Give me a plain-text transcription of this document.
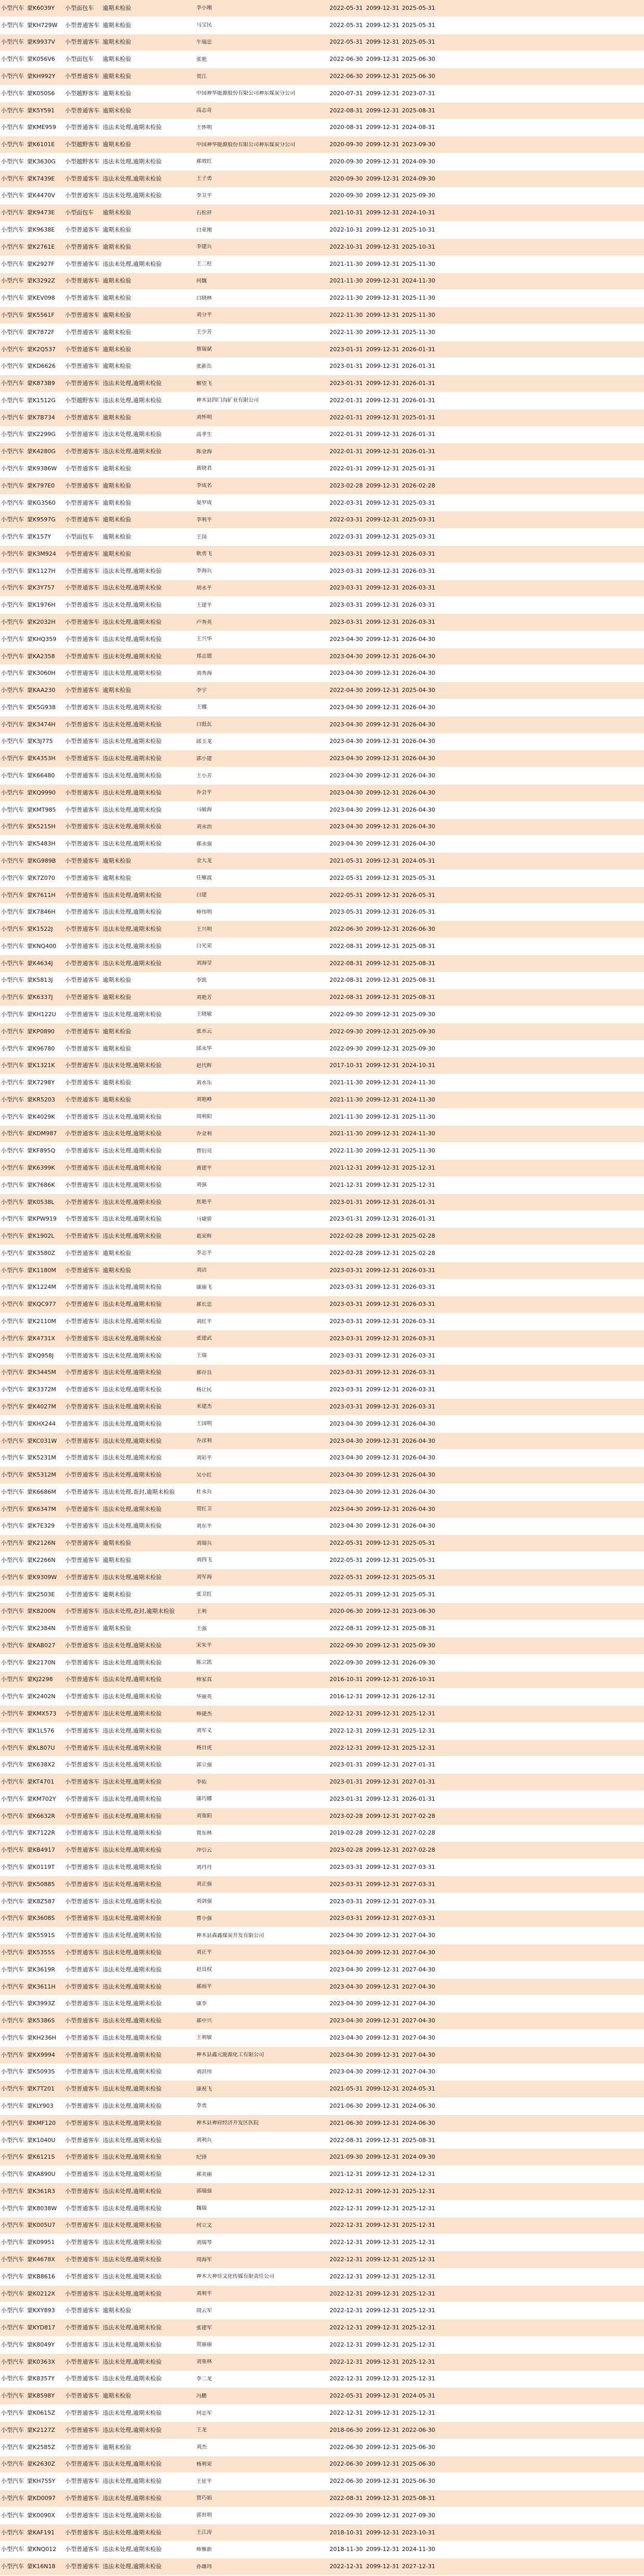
小型汽车 蒙K6039Y	小型面包车	逾期未检验	李小刚	2022-05-31 2099-12-31 2025-05-31
小型汽车 蒙KH729W	小型普通客车 逾期未检验	马宝民	2022-05-31 2099-12-31 2025-05-31
小型汽车 蒙K9937V	小型普通客车 逾期未检验	牛瑞忠	2022-05-31 2099-12-31 2025-05-31
小型汽车 蒙K056V6	小型面包车	逾期未检验	张艳	2022-06-30 2099-12-31 2025-06-30
小型汽车 蒙KH992Y	小型普通客车 逾期未检验	贺江	2022-06-30 2099-12-31 2025-06-30
小型汽车 蒙K050S6	小型越野客车 逾期未检验	中国神华能源股份有限公司神东煤炭分公司	2020-07-31 2099-12-31 2023-07-31
小型汽车 蒙K5Y591	小型普通客车 逾期未检验	高志奇	2022-08-31 2099-12-31 2025-08-31
小型汽车 蒙KME959	小型普通客车 违法未处理,逾期未检验	王怀明	2020-08-31 2099-12-31 2024-08-31
小型汽车 蒙K6101E	小型越野客车 逾期未检验	中国神华能源股份有限公司神东煤炭分公司	2020-09-30 2099-12-31 2023-09-30
小型汽车 蒙K3630G	小型越野客车 违法未处理,逾期未检验	郝效红	2020-09-30 2099-12-31 2024-09-30
小型汽车 蒙K7439E	小型普通客车 违法未处理,逾期未检验	王子勇	2020-09-30 2099-12-31 2024-09-30
小型汽车 蒙K4470V	小型普通客车 违法未处理,逾期未检验	李卫平	2020-09-30 2099-12-31 2025-09-30
小型汽车 蒙K9473E	小型面包车	逾期未检验	石松祥	2021-10-31 2099-12-31 2024-10-31
小型汽车 蒙K9638E	小型普通客车 逾期未检验	白亚刚	2022-10-31 2099-12-31 2025-10-31
小型汽车 蒙K2761E	小型普通客车 逾期未检验	李建兵	2022-10-31 2099-12-31 2025-10-31
小型汽车 蒙K2927F	小型普通客车 违法未处理,逾期未检验	王二柱	2021-11-30 2099-12-31 2025-11-30
小型汽车 蒙K3292Z	小型普通客车 逾期未检验	何魏	2021-11-30 2099-12-31 2024-11-30
小型汽车 蒙KEV098	小型普通客车 逾期未检验	白晓林	2022-11-30 2099-12-31 2025-11-30
小型汽车 蒙K5561F	小型普通客车 逾期未检验	刘分平	2022-11-30 2099-12-31 2025-11-30
小型汽车 蒙K7872F	小型普通客车 逾期未检验	王少芳	2022-11-30 2099-12-31 2025-11-30
小型汽车 蒙K2Q537	小型普通客车 逾期未检验	蔡瑞斌	2023-01-31 2099-12-31 2026-01-31
小型汽车 蒙KD6626	小型普通客车 逾期未检验	张新岳	2023-01-31 2099-12-31 2026-01-31
小型汽车 蒙K873B9	小型普通客车 违法未处理,逾期未检验	解望飞	2023-01-31 2099-12-31 2026-01-31
小型汽车 蒙K1512G	小型越野客车 违法未处理,逾期未检验	神木县四门沟矿业有限公司	2022-01-31 2099-12-31 2026-01-31
小型汽车 蒙K7B734	小型普通客车 逾期未检验	刘怀明	2022-01-31 2099-12-31 2025-01-31
小型汽车 蒙K2299G	小型普通客车 违法未处理,逾期未检验	高孝生	2022-01-31 2099-12-31 2026-01-31
小型汽车 蒙K4280G	小型普通客车 违法未处理,逾期未检验	陈金海	2022-01-31 2099-12-31 2026-01-31
小型汽车 蒙K9386W	小型普通客车 逾期未检验	黄晓君	2022-01-31 2099-12-31 2025-01-31
小型汽车 蒙K797E0	小型普通客车 逾期未检验	李成名	2023-02-28 2099-12-31 2026-02-28
小型汽车 蒙KG3560	小型普通客车 逾期未检验	晏罗成	2022-03-31 2099-12-31 2025-03-31
小型汽车 蒙K9597G	小型普通客车 逾期未检验	李利平	2022-03-31 2099-12-31 2025-03-31
小型汽车 蒙K157Y	小型面包车	逾期未检验	王岗	2022-03-31 2099-12-31 2025-03-31
小型汽车 蒙K3M924	小型普通客车 逾期未检验	耿勇飞	2023-03-31 2099-12-31 2026-03-31
小型汽车 蒙K1127H	小型普通客车 违法未处理,逾期未检验	李海兵	2023-03-31 2099-12-31 2026-03-31
小型汽车 蒙K3Y757	小型普通客车 违法未处理,逾期未检验	胡永平	2023-03-31 2099-12-31 2026-03-31
小型汽车 蒙K1976H	小型普通客车 违法未处理,逾期未检验	王建平	2023-03-31 2099-12-31 2026-03-31
小型汽车 蒙K2032H	小型普通客车 违法未处理,逾期未检验	卢秀英	2023-03-31 2099-12-31 2026-03-31
小型汽车 蒙KHQ359	小型普通客车 违法未处理,逾期未检验	王兴华	2023-04-30 2099-12-31 2026-04-30
小型汽车 蒙KA2358	小型普通客车 违法未处理,逾期未检验	郑志德	2023-04-30 2099-12-31 2026-04-30
小型汽车 蒙K3060H	小型普通客车 违法未处理,逾期未检验	刘秀海	2023-04-30 2099-12-31 2026-04-30
小型汽车 蒙KAA230	小型普通客车 逾期未检验	李宇	2022-04-30 2099-12-31 2025-04-30
小型汽车 蒙K5G938	小型普通客车 违法未处理,逾期未检验	王娜	2023-04-30 2099-12-31 2026-04-30
小型汽车 蒙K3474H	小型普通客车 违法未处理,逾期未检验	白挺瓦	2023-04-30 2099-12-31 2026-04-30
小型汽车 蒙K3J775	小型普通客车 违法未处理,逾期未检验	邱玉龙	2023-04-30 2099-12-31 2026-04-30
小型汽车 蒙K4353H	小型普通客车 违法未处理,逾期未检验	郭小建	2023-04-30 2099-12-31 2026-04-30
小型汽车 蒙K66480	小型普通客车 违法未处理,逾期未检验	王小芳	2023-04-30 2099-12-31 2026-04-30
小型汽车 蒙KQ9990	小型普通客车 违法未处理,逾期未检验	乔会平	2023-04-30 2099-12-31 2026-04-30
小型汽车 蒙KMT985	小型普通客车 违法未处理,逾期未检验	马破海	2023-04-30 2099-12-31 2026-04-30
小型汽车 蒙K5215H	小型普通客车 违法未处理,逾期未检验	刘永治	2023-04-30 2099-12-31 2026-04-30
小型汽车 蒙K5483H	小型普通客车 违法未处理,逾期未检验	郝永强	2023-04-30 2099-12-31 2026-04-30
小型汽车 蒙KG989B	小型普通客车 逾期未检验	金大龙	2021-05-31 2099-12-31 2024-05-31
小型汽车 蒙K7Z070	小型普通客车 逾期未检验	任雁波	2022-05-31 2099-12-31 2025-05-31
小型汽车 蒙K7611H	小型普通客车 违法未处理,逾期未检验	白建	2022-05-31 2099-12-31 2026-05-31
小型汽车 蒙K7846H	小型普通客车 违法未处理,逾期未检验	师伟明	2023-05-31 2099-12-31 2026-05-31
小型汽车 蒙K1522J	小型普通客车 违法未处理,逾期未检验	王兴明	2022-06-30 2099-12-31 2026-06-30
小型汽车 蒙KNQ400	小型普通客车 违法未处理,逾期未检验	白光荣	2022-08-31 2099-12-31 2025-08-31
小型汽车 蒙K4634J	小型普通客车 违法未处理,逾期未检验	刘海莹	2022-08-31 2099-12-31 2025-08-31
小型汽车 蒙K5813J	小型普通客车 逾期未检验	李凯	2022-08-31 2099-12-31 2025-08-31
小型汽车 蒙K6337J	小型普通客车 逾期未检验	刘艳芳	2022-08-31 2099-12-31 2025-08-31
小型汽车 蒙KH122U	小型普通客车 违法未处理,逾期未检验	王晓敏	2022-09-30 2099-12-31 2025-09-30
小型汽车 蒙KP0890	小型普通客车 逾期未检验	张水云	2022-09-30 2099-12-31 2025-09-30
小型汽车 蒙K96780	小型普通客车 逾期未检验	邱永华	2022-09-30 2099-12-31 2025-09-30
小型汽车 蒙K1321K	小型普通客车 违法未处理,逾期未检验	赵代辉	2017-10-31 2099-12-31 2024-10-31
小型汽车 蒙K7298Y	小型普通客车 逾期未检验	刘水乐	2021-11-30 2099-12-31 2024-11-30
小型汽车 蒙KR5203	小型普通客车 逾期未检验	刘艳峰	2021-11-30 2099-12-31 2024-11-30
小型汽车 蒙K4029K	小型普通客车 违法未处理,逾期未检验	周利阳	2021-11-30 2099-12-31 2025-11-30
小型汽车 蒙KDM987	小型普通客车 违法未处理,逾期未检验	乔金利	2021-11-30 2099-12-31 2024-11-30
小型汽车 蒙KF895Q	小型普通客车 违法未处理,逾期未检验	曹衍亮	2022-11-30 2099-12-31 2025-11-30
小型汽车 蒙K6399K	小型普通客车 违法未处理,逾期未检验	黄建平	2021-12-31 2099-12-31 2025-12-31
小型汽车 蒙K7686K	小型普通客车 违法未处理,逾期未检验	刘强	2021-12-31 2099-12-31 2025-12-31
小型汽车 蒙K0538L	小型普通客车 违法未处理,逾期未检验	焦艳平	2023-01-31 2099-12-31 2026-01-31
小型汽车 蒙KPW919	小型普通客车 违法未处理,逾期未检验	马婕骄	2023-01-31 2099-12-31 2026-01-31
小型汽车 蒙K1902L	小型普通客车 违法未处理,逾期未检验	葛荣辉	2022-02-28 2099-12-31 2025-02-28
小型汽车 蒙K3580Z	小型普通客车 逾期未检验	李志平	2022-02-28 2099-12-31 2025-02-28
小型汽车 蒙K1180M	小型普通客车 逾期未检验	刘洁	2023-03-31 2099-12-31 2026-03-31
小型汽车 蒙K1224M	小型普通客车 违法未处理,逾期未检验	康丽飞	2023-03-31 2099-12-31 2026-03-31
小型汽车 蒙KQC977	小型普通客车 违法未处理,逾期未检验	郝长忠	2023-03-31 2099-12-31 2026-03-31
小型汽车 蒙K2110M	小型普通客车 违法未处理,逾期未检验	刘红平	2023-03-31 2099-12-31 2026-03-31
小型汽车 蒙K4731X	小型普通客车 违法未处理,逾期未检验	张建武	2023-03-31 2099-12-31 2026-03-31
小型汽车 蒙KQ958J	小型普通客车 违法未处理,逾期未检验	王瑞	2023-03-31 2099-12-31 2026-03-31
小型汽车 蒙K3445M	小型普通客车 违法未处理,逾期未检验	郝存良	2023-03-31 2099-12-31 2026-03-31
小型汽车 蒙K3372M	小型普通客车 违法未处理,逾期未检验	杨让民	2023-03-31 2099-12-31 2026-03-31
小型汽车 蒙K4027M	小型普通客车 违法未处理,逾期未检验	米建杰	2023-03-31 2099-12-31 2026-03-31
小型汽车 蒙KHX244	小型普通客车 违法未处理,逾期未检验	王国明	2023-04-30 2099-12-31 2026-04-30
小型汽车 蒙KC031W	小型普通客车 违法未处理,逾期未检验	乔彦利	2023-04-30 2099-12-31 2026-04-30
小型汽车 蒙K5231M	小型普通客车 违法未处理,逾期未检验	刘彩平	2023-04-30 2099-12-31 2026-04-30
小型汽车 蒙K5312M	小型普通客车 违法未处理,逾期未检验	吴小红	2023-04-30 2099-12-31 2026-04-30
小型汽车 蒙K6686M	小型普通客车 违法未处理,查封,逾期未检验	杜永兵	2023-04-30 2099-12-31 2026-04-30
小型汽车 蒙K6347M	小型普通客车 违法未处理,逾期未检验	贺红卫	2023-04-30 2099-12-31 2026-04-30
小型汽车 蒙K7E329	小型普通客车 违法未处理,逾期未检验	刘东平	2023-04-30 2099-12-31 2026-04-30
小型汽车 蒙K2126N	小型普通客车 逾期未检验	刘瑞兵	2022-05-31 2099-12-31 2025-05-31
小型汽车 蒙K2266N	小型普通客车 逾期未检验	刘四飞	2022-05-31 2099-12-31 2025-05-31
小型汽车 蒙K9309W	小型普通客车 违法未处理,逾期未检验	刘军海	2022-05-31 2099-12-31 2025-05-31
小型汽车 蒙K2503E	小型普通客车 逾期未检验	张卫红	2022-05-31 2099-12-31 2025-05-31
小型汽车 蒙K8200N	小型普通客车 违法未处理,查封,逾期未检验	王利	2020-06-30 2099-12-31 2023-06-30
小型汽车 蒙K2384N	小型普通客车 逾期未检验	王强	2022-08-31 2099-12-31 2025-08-31
小型汽车 蒙KAB027	小型普通客车 违法未处理,逾期未检验	宋朱平	2022-09-30 2099-12-31 2025-09-30
小型汽车 蒙K2170N	小型普通客车 违法未处理,逾期未检验	陈立凯	2022-09-30 2099-12-31 2026-09-30
小型汽车 蒙KJ2298	小型普通客车 违法未处理,逾期未检验	师家真	2016-10-31 2099-12-31 2026-10-31
小型汽车 蒙K2402N	小型普通客车 违法未处理,逾期未检验	华丽英	2016-12-31 2099-12-31 2026-12-31
小型汽车 蒙KMX573	小型普通客车 违法未处理,逾期未检验	师捷杰	2022-12-31 2099-12-31 2025-12-31
小型汽车 蒙K1L576	小型普通客车 违法未处理,逾期未检验	刘军义	2022-12-31 2099-12-31 2025-12-31
小型汽车 蒙KL807U	小型普通客车 违法未处理,逾期未检验	杨自虎	2022-12-31 2099-12-31 2025-12-31
小型汽车 蒙K638X2	小型普通客车 违法未处理,逾期未检验	郭立强	2023-01-31 2099-12-31 2027-01-31
小型汽车 蒙KT4701	小型普通客车 违法未处理,逾期未检验	李佑	2023-01-31 2099-12-31 2027-01-31
小型汽车 蒙KM702Y	小型普通客车 违法未处理,逾期未检验	康巧娜	2023-01-31 2099-12-31 2026-01-31
小型汽车 蒙K6632R	小型普通客车 违法未处理,逾期未检验	刘重阳	2023-02-28 2099-12-31 2027-02-28
小型汽车 蒙K7122R	小型普通客车 违法未处理,逾期未检验	贾东林	2019-02-28 2099-12-31 2027-02-28
小型汽车 蒙KB4917	小型普通客车 违法未处理,逾期未检验	冲引云	2023-02-28 2099-12-31 2027-02-28
小型汽车 蒙K0119T	小型普通客车 违法未处理,逾期未检验	刘丹丹	2023-03-31 2099-12-31 2027-03-31
小型汽车 蒙K50885	小型普通客车 违法未处理,逾期未检验	刘正强	2023-03-31 2099-12-31 2027-03-31
小型汽车 蒙K8Z587	小型普通客车 违法未处理,逾期未检验	刘剑强	2023-03-31 2099-12-31 2027-03-31
小型汽车 蒙K3608S	小型普通客车 违法未处理,逾期未检验	曹小强	2023-03-31 2099-12-31 2027-03-31
小型汽车 蒙K5591S	小型普通客车 违法未处理,逾期未检验	神木县森鑫煤炭开发有限公司	2023-04-30 2099-12-31 2027-04-30
小型汽车 蒙K5355S	小型普通客车 违法未处理,逾期未检验	刘正平	2023-04-30 2099-12-31 2027-04-30
小型汽车 蒙K3619R	小型普通客车 违法未处理,逾期未检验	赵良权	2023-04-30 2099-12-31 2027-04-30
小型汽车 蒙K3611H	小型普通客车 违法未处理,逾期未检验	郝雨平	2023-04-30 2099-12-31 2027-04-30
小型汽车 蒙K3993Z	小型普通客车 违法未处理,逾期未检验	康李	2023-04-30 2099-12-31 2027-04-30
小型汽车 蒙K5386S	小型普通客车 违法未处理,逾期未检验	郝中兴	2023-04-30 2099-12-31 2027-04-30
小型汽车 蒙KH236H	小型普通客车 违法未处理,逾期未检验	王利敏	2023-04-30 2099-12-31 2027-04-30
小型汽车 蒙KX9994	小型普通客车 违法未处理,逾期未检验	神木县鑫元能源化工有限公司	2023-04-30 2099-12-31 2027-04-30
小型汽车 蒙K5093S	小型普通客车 违法未处理,逾期未检验	刘洪伟	2023-04-30 2099-12-31 2027-04-30
小型汽车 蒙K7T201	小型普通客车 违法未处理,逾期未检验	康祝飞	2021-05-31 2099-12-31 2024-05-31
小型汽车 蒙KLY903	小型普通客车 违法未处理,逾期未检验	李勇	2021-06-30 2099-12-31 2024-06-30
小型汽车 蒙KMF120	小型普通客车 违法未处理,逾期未检验	神木县神府经济开发区医院	2021-06-30 2099-12-31 2024-06-30
小型汽车 蒙K1040U	小型普通客车 违法未处理,逾期未检验	刘利兵	2022-08-31 2099-12-31 2025-08-31
小型汽车 蒙K6121S	小型普通客车 违法未处理,逾期未检验	纪锋	2021-09-30 2099-12-31 2024-09-30
小型汽车 蒙KA890U	小型普通客车 违法未处理,逾期未检验	郝美丽	2021-12-31 2099-12-31 2024-12-31
小型汽车 蒙K361R3	小型普通客车 违法未处理,逾期未检验	郭瑞强	2022-12-31 2099-12-31 2025-12-31
小型汽车 蒙K8038W	小型普通客车 违法未处理,逾期未检验	魏瑞	2022-12-31 2099-12-31 2025-12-31
小型汽车 蒙K005U7	小型普通客车 违法未处理,逾期未检验	何立文	2022-12-31 2099-12-31 2025-12-31
小型汽车 蒙K09951	小型普通客车 违法未处理,逾期未检验	刘瑞琴	2022-12-31 2099-12-31 2025-12-31
小型汽车 蒙K4678X	小型普通客车 违法未处理,逾期未检验	周海军	2022-12-31 2099-12-31 2025-12-31
小型汽车 蒙KB8616	小型普通客车 违法未处理,逾期未检验	神木大神佳文化传媒有限责任公司	2022-12-31 2099-12-31 2025-12-31
小型汽车 蒙K0212X	小型普通客车 违法未处理,逾期未检验	刘利平	2022-12-31 2099-12-31 2025-12-31
小型汽车 蒙KXY893	小型普通客车 逾期未检验	周云军	2022-12-31 2099-12-31 2025-12-31
小型汽车 蒙KYD817	小型普通客车 违法未处理,逾期未检验	张建军	2022-12-31 2099-12-31 2025-12-31
小型汽车 蒙K8049Y	小型普通客车 违法未处理,逾期未检验	贺丽丽	2022-12-31 2099-12-31 2025-12-31
小型汽车 蒙K0363X	小型普通客车 违法未处理,逾期未检验	刘重林	2022-12-31 2099-12-31 2025-12-31
小型汽车 蒙K8357Y	小型普通客车 违法未处理,逾期未检验	李二龙	2022-12-31 2099-12-31 2025-12-31
小型汽车 蒙K8598Y	小型普通客车 逾期未检验	冯鹏	2022-05-31 2099-12-31 2024-05-31
小型汽车 蒙K0615Z	小型普通客车 违法未处理,逾期未检验	何志军	2022-12-31 2099-12-31 2025-12-31
小型汽车 蒙K2127Z	小型普通客车 违法未处理,逾期未检验	王龙	2018-06-30 2099-12-31 2022-06-30
小型汽车 蒙K2585Z	小型普通客车 逾期未检验	刘杰	2022-06-30 2099-12-31 2025-06-30
小型汽车 蒙K2630Z	小型普通客车 违法未处理,逾期未检验	杨利荣	2022-06-30 2099-12-31 2025-06-30
小型汽车 蒙KH755Y	小型普通客车 违法未处理,逾期未检验	王征平	2022-06-30 2099-12-31 2025-06-30
小型汽车 蒙KD0097	小型普通客车 违法未处理,逾期未检验	贾巧娟	2022-08-31 2099-12-31 2025-08-31
小型汽车 蒙K0090X	小型普通客车 违法未处理,逾期未检验	郭世明	2022-09-30 2099-12-31 2027-09-30
小型汽车 蒙KAF191	小型普通客车 违法未处理,逾期未检验	王江涛	2018-10-31 2099-12-31 2023-10-31
小型汽车 蒙KNQ012	小型普通客车 违法未处理,逾期未检验	师雅新	2018-11-30 2099-12-31 2024-11-30
小型汽车 蒙K16N18	小型普通客车 违法未处理,逾期未检验	孙雄玮	2022-12-31 2099-12-31 2027-12-31
